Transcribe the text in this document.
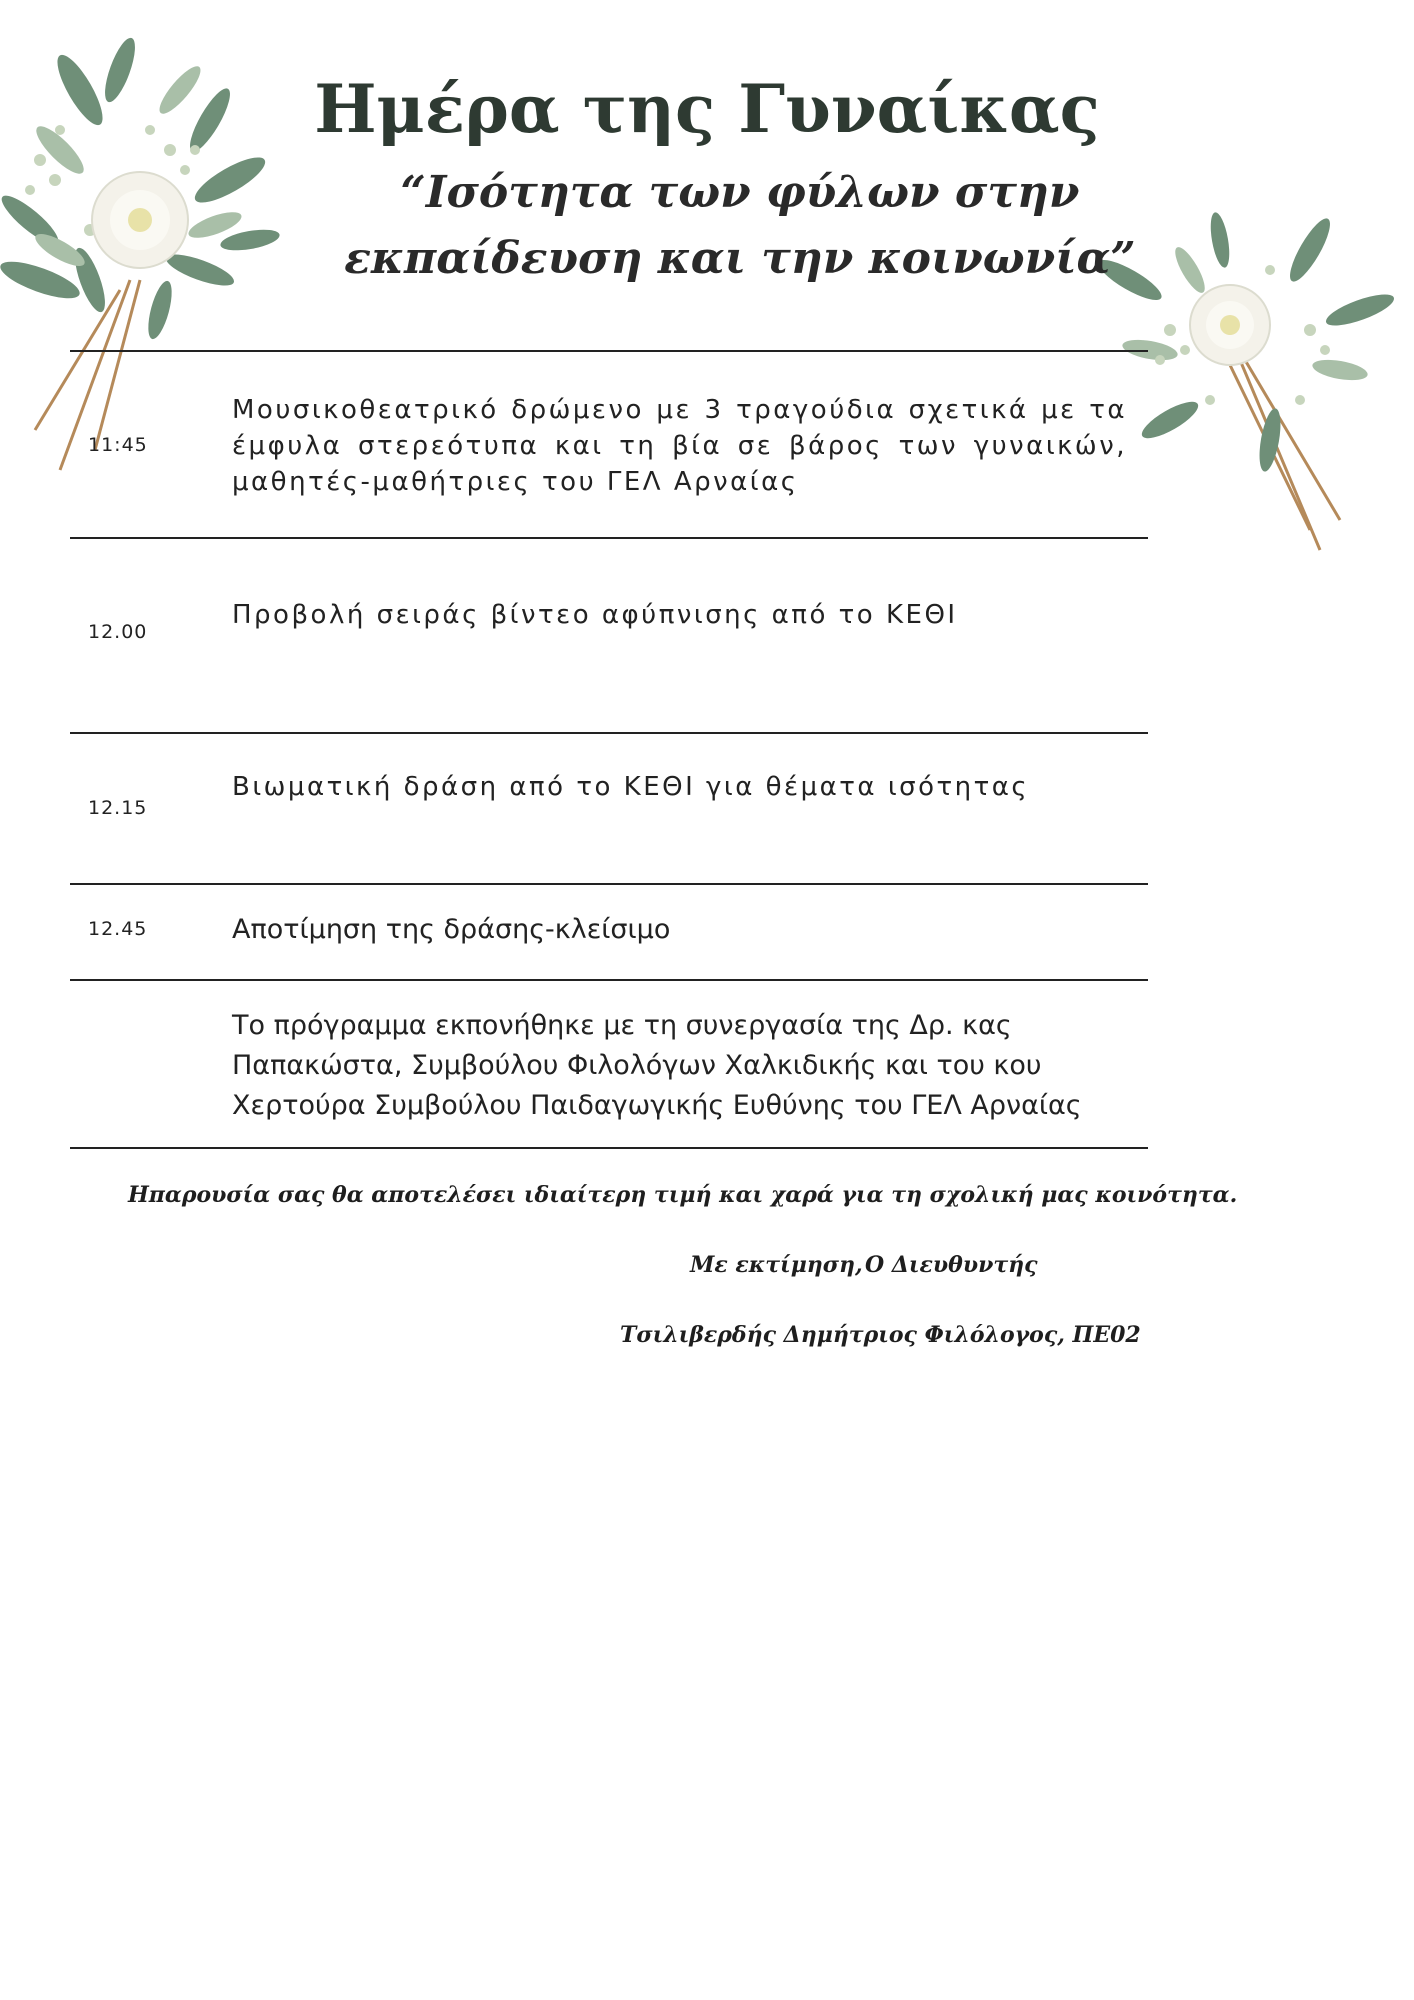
Ημέρα της Γυναίκας

“Ισότητα των φύλων στην εκπαίδευση και την κοινωνία”

11:45
Μουσικοθεατρικό δρώμενο με 3 τραγούδια σχετικά με τα έμφυλα στερεότυπα και τη βία σε βάρος των γυναικών, μαθητές-μαθήτριες του ΓΕΛ Αρναίας
12.00
Προβολή σειράς βίντεο αφύπνισης από το ΚΕΘΙ
12.15
Βιωματική δράση από το ΚΕΘΙ για θέματα ισότητας
12.45	Αποτίμηση της δράσης-κλείσιμο
Το πρόγραμμα εκπονήθηκε με τη συνεργασία της Δρ. κας Παπακώστα, Συμβούλου Φιλολόγων Χαλκιδικής και του κου Χερτούρα Συμβούλου Παιδαγωγικής Ευθύνης του ΓΕΛ Αρναίας
Ηπαρουσία σας θα αποτελέσει ιδιαίτερη τιμή και χαρά για τη σχολική μας κοινότητα.
Με εκτίμηση, Ο Διευθυντής
Τσιλιβερδής Δημήτριος Φιλόλογος, ΠΕ02
